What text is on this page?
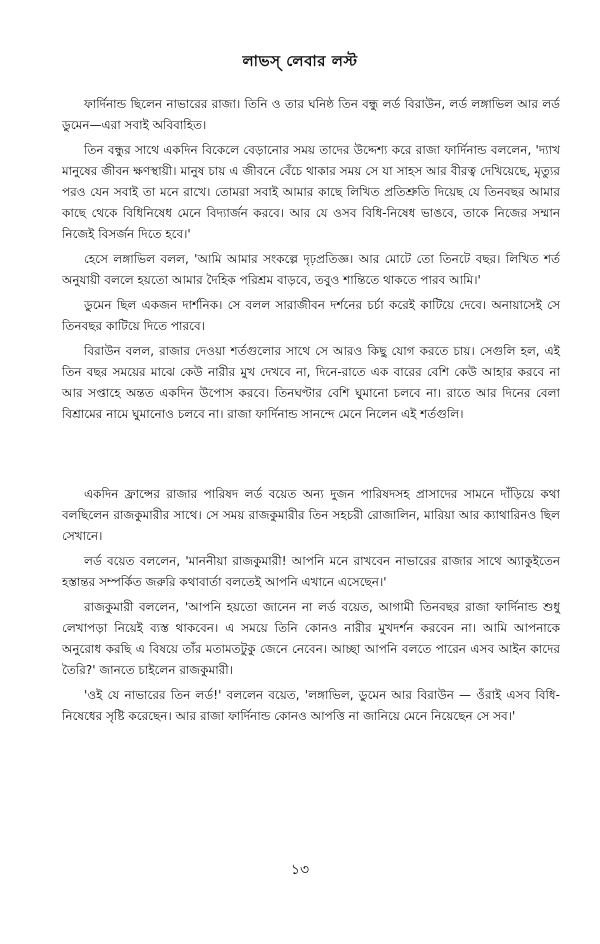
লাভস্ লেবার লস্ট

ফার্দিনান্ড ছিলেন নাভারের রাজা। তিনি ও তার ঘনিষ্ঠ তিন বন্ধু লর্ড বিরাউন, লর্ড লঙ্গাভিল আর লর্ড ডুমেন—এরা সবাই অবিবাহিত।

তিন বন্ধুর সাথে একদিন বিকেলে বেড়ানোর সময় তাদের উদ্দেশ্য করে রাজা ফার্দিনান্ড বললেন, 'দ্যাখ মানুষের জীবন ক্ষণস্থায়ী। মানুষ চায় এ জীবনে বেঁচে থাকার সময় সে যা সাহস আর বীরত্ব দেখিয়েছে, মৃত্যুর পরও যেন সবাই তা মনে রাখে। তোমরা সবাই আমার কাছে লিখিত প্রতিশ্রুতি দিয়েছ যে তিনবছর আমার কাছে থেকে বিধিনিষেধ মেনে বিদ্যার্জন করবে। আর যে ওসব বিধি-নিষেধ ভাঙবে, তাকে নিজের সম্মান নিজেই বিসর্জন দিতে হবে।'

হেসে লঙ্গাভিল বলল, 'আমি আমার সংকল্পে দৃঢ়প্রতিজ্ঞ। আর মোটে তো তিনটে বছর। লিখিত শর্ত অনুযায়ী বললে হয়তো আমার দৈহিক পরিশ্রম বাড়বে, তবুও শান্তিতে থাকতে পারব আমি।'

ডুমেন ছিল একজন দার্শনিক। সে বলল সারাজীবন দর্শনের চর্চা করেই কাটিয়ে দেবে। অনায়াসেই সে তিনবছর কাটিয়ে দিতে পারবে।

বিরাউন বলল, রাজার দেওয়া শর্তগুলোর সাথে সে আরও কিছু যোগ করতে চায়। সেগুলি হল, এই তিন বছর সময়ের মাঝে কেউ নারীর মুখ দেখবে না, দিনে-রাতে এক বারের বেশি কেউ আহার করবে না আর সপ্তাহে অন্তত একদিন উপোস করবে। তিনঘণ্টার বেশি ঘুমানো চলবে না। রাতে আর দিনের বেলা বিশ্রামের নামে ঘুমানোও চলবে না। রাজা ফার্দিনান্ড সানন্দে মেনে নিলেন এই শর্তগুলি।

একদিন ফ্রান্সের রাজার পারিষদ লর্ড বয়েত অন্য দুজন পারিষদসহ প্রাসাদের সামনে দাঁড়িয়ে কথা বলছিলেন রাজকুমারীর সাথে। সে সময় রাজকুমারীর তিন সহচরী রোজালিন, মারিয়া আর ক্যাথারিনও ছিল সেখানে।

লর্ড বয়েত বললেন, 'মাননীয়া রাজকুমারী! আপনি মনে রাখবেন নাভারের রাজার সাথে অ্যাকুইতেন হস্তান্তর সম্পর্কিত জরুরি কথাবার্তা বলতেই আপনি এখানে এসেছেন।'

রাজকুমারী বললেন, 'আপনি হয়তো জানেন না লর্ড বয়েত, আগামী তিনবছর রাজা ফার্দিনান্ড শুধু লেখাপড়া নিয়েই ব্যস্ত থাকবেন। এ সময়ে তিনি কোনও নারীর মুখদর্শন করবেন না। আমি আপনাকে অনুরোধ করছি এ বিষয়ে তাঁর মতামতটুকু জেনে নেবেন। আচ্ছা আপনি বলতে পারেন এসব আইন কাদের তৈরি?' জানতে চাইলেন রাজকুমারী।

'ওই যে নাভারের তিন লর্ড!' বললেন বয়েত, 'লঙ্গাভিল, ডুমেন আর বিরাউন — ওঁরাই এসব বিধি-নিষেধের সৃষ্টি করেছেন। আর রাজা ফার্দিনান্ড কোনও আপত্তি না জানিয়ে মেনে নিয়েছেন সে সব।'

১৩
